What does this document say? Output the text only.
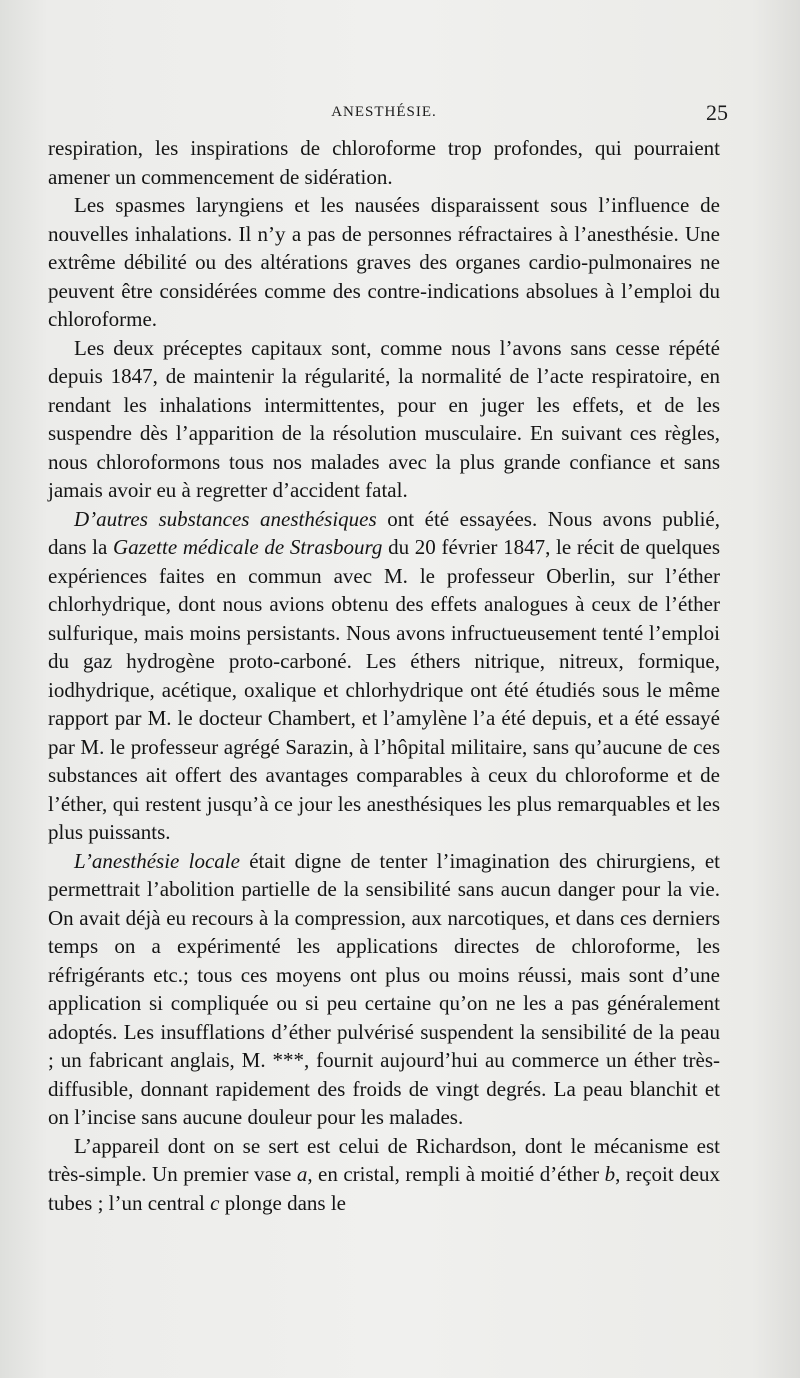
ANESTHÉSIE.	25

respiration, les inspirations de chloroforme trop profondes, qui pourraient amener un commencement de sidération.

Les spasmes laryngiens et les nausées disparaissent sous l’influence de nouvelles inhalations. Il n’y a pas de personnes réfractaires à l’anesthésie. Une extrême débilité ou des altérations graves des organes cardio-pulmonaires ne peuvent être considérées comme des contre-indications absolues à l’emploi du chloroforme.

Les deux préceptes capitaux sont, comme nous l’avons sans cesse répété depuis 1847, de maintenir la régularité, la normalité de l’acte respiratoire, en rendant les inhalations intermittentes, pour en juger les effets, et de les suspendre dès l’apparition de la résolution musculaire. En suivant ces règles, nous chloroformons tous nos malades avec la plus grande confiance et sans jamais avoir eu à regretter d’accident fatal.

D’autres substances anesthésiques ont été essayées. Nous avons publié, dans la Gazette médicale de Strasbourg du 20 février 1847, le récit de quelques expériences faites en commun avec M. le professeur Oberlin, sur l’éther chlorhydrique, dont nous avions obtenu des effets analogues à ceux de l’éther sulfurique, mais moins persistants. Nous avons infructueusement tenté l’emploi du gaz hydrogène proto-carboné. Les éthers nitrique, nitreux, formique, iodhydrique, acétique, oxalique et chlorhydrique ont été étudiés sous le même rapport par M. le docteur Chambert, et l’amylène l’a été depuis, et a été essayé par M. le professeur agrégé Sarazin, à l’hôpital militaire, sans qu’aucune de ces substances ait offert des avantages comparables à ceux du chloroforme et de l’éther, qui restent jusqu’à ce jour les anesthésiques les plus remarquables et les plus puissants.

L’anesthésie locale était digne de tenter l’imagination des chirurgiens, et permettrait l’abolition partielle de la sensibilité sans aucun danger pour la vie. On avait déjà eu recours à la compression, aux narcotiques, et dans ces derniers temps on a expérimenté les applications directes de chloroforme, les réfrigérants etc.; tous ces moyens ont plus ou moins réussi, mais sont d’une application si compliquée ou si peu certaine qu’on ne les a pas généralement adoptés. Les insufflations d’éther pulvérisé suspendent la sensibilité de la peau ; un fabricant anglais, M. ***, fournit aujourd’hui au commerce un éther très-diffusible, donnant rapidement des froids de vingt degrés. La peau blanchit et on l’incise sans aucune douleur pour les malades.

L’appareil dont on se sert est celui de Richardson, dont le mécanisme est très-simple. Un premier vase a, en cristal, rempli à moitié d’éther b, reçoit deux tubes ; l’un central c plonge dans le
